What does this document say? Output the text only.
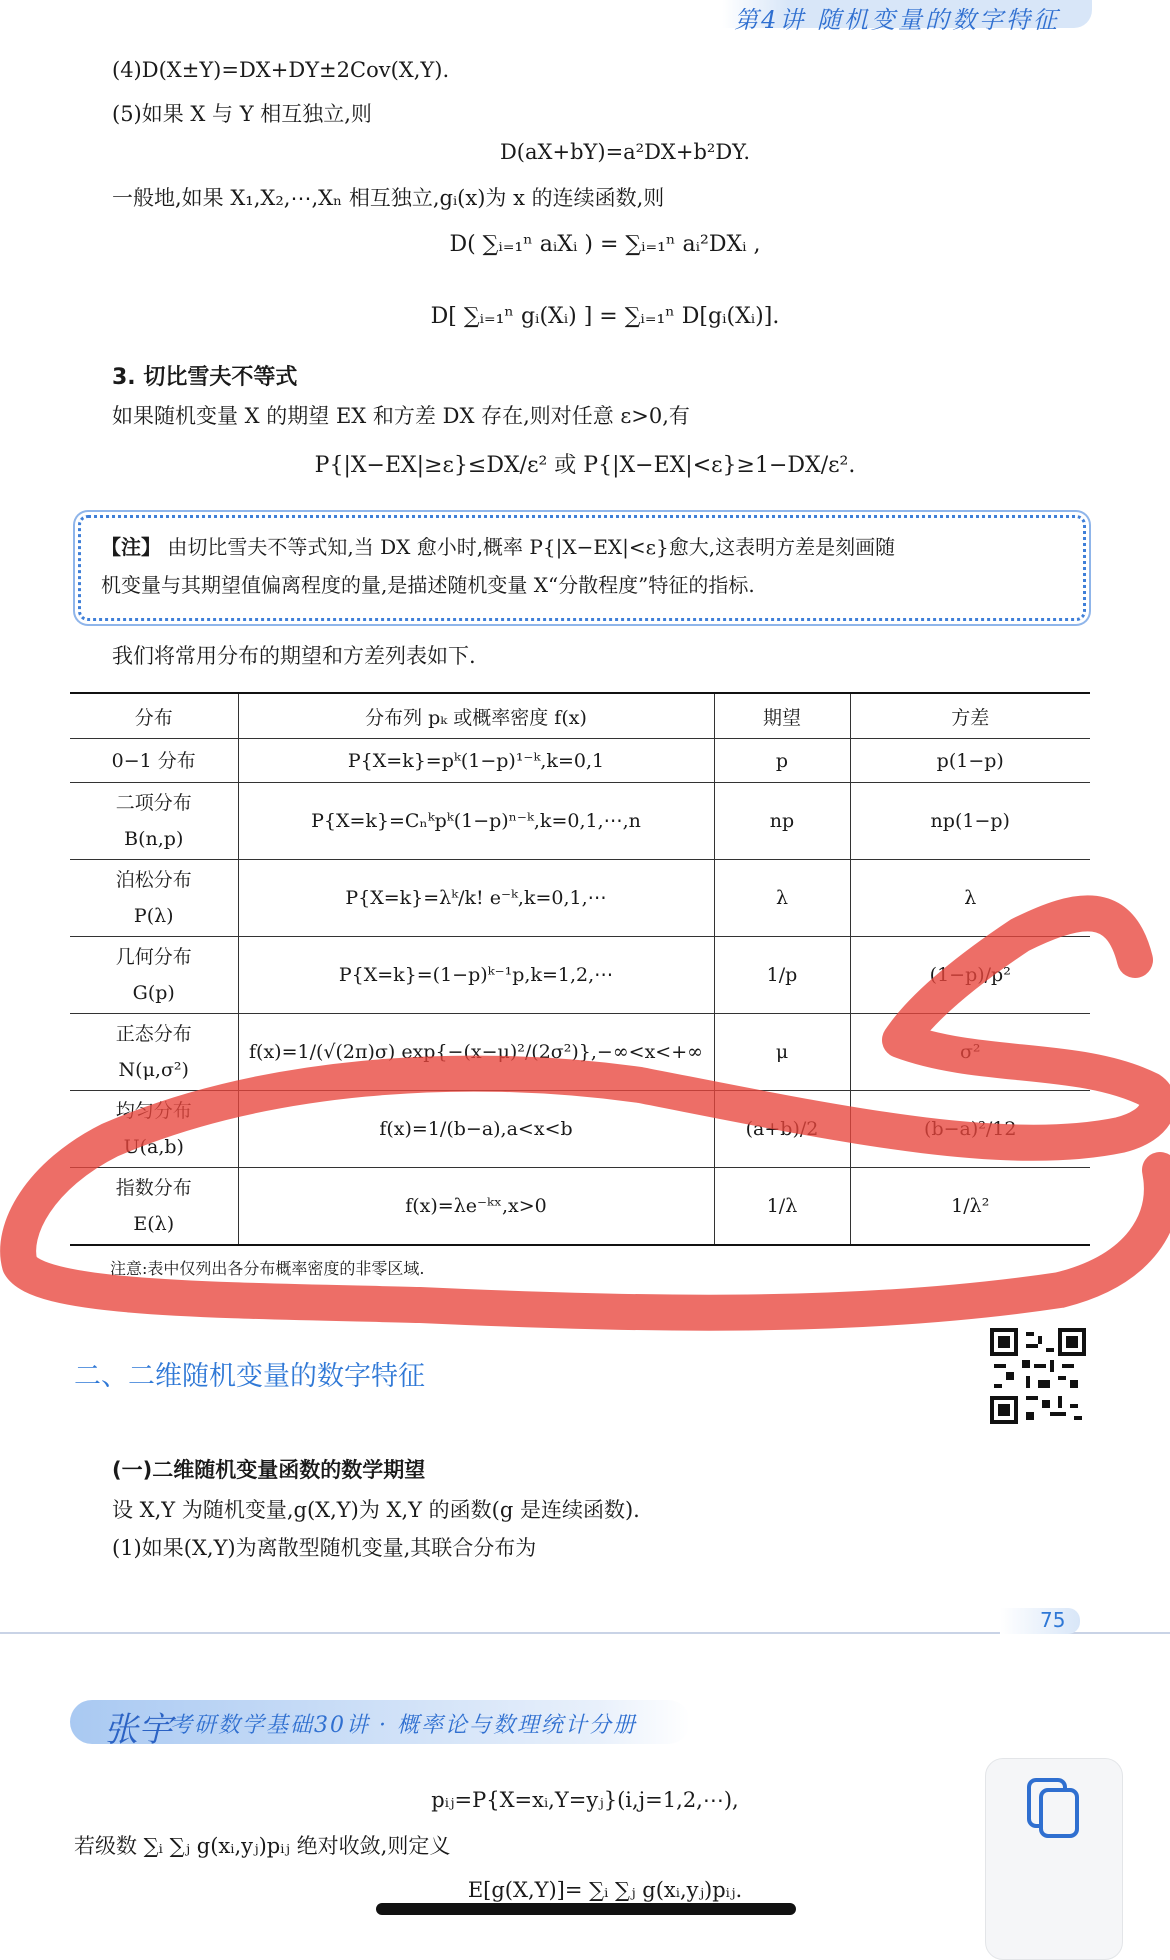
第4讲 随机变量的数字特征
(4)D(X±Y)=DX+DY±2Cov(X,Y).
(5)如果 X 与 Y 相互独立,则
D(aX+bY)=a²DX+b²DY.
一般地,如果 X₁,X₂,⋯,Xₙ 相互独立,gᵢ(x)为 x 的连续函数,则
D( ∑ᵢ₌₁ⁿ aᵢXᵢ ) = ∑ᵢ₌₁ⁿ aᵢ²DXᵢ ,
D[ ∑ᵢ₌₁ⁿ gᵢ(Xᵢ) ] = ∑ᵢ₌₁ⁿ D[gᵢ(Xᵢ)].
3. 切比雪夫不等式
如果随机变量 X 的期望 EX 和方差 DX 存在,则对任意 ε>0,有
P{|X−EX|≥ε}≤DX/ε² 或 P{|X−EX|<ε}≥1−DX/ε².
【注】 由切比雪夫不等式知,当 DX 愈小时,概率 P{|X−EX|<ε}愈大,这表明方差是刻画随
机变量与其期望值偏离程度的量,是描述随机变量 X“分散程度”特征的指标.
我们将常用分布的期望和方差列表如下.
分布	分布列 pₖ 或概率密度 f(x)	期望	方差

0−1 分布	P{X=k}=pᵏ(1−p)¹⁻ᵏ,k=0,1	p	p(1−p)

二项分布
B(n,p)	P{X=k}=Cₙᵏpᵏ(1−p)ⁿ⁻ᵏ,k=0,1,⋯,n	np	np(1−p)

泊松分布
P(λ)	P{X=k}=λᵏ/k! e⁻ᵏ,k=0,1,⋯	λ	λ

几何分布
G(p)	P{X=k}=(1−p)ᵏ⁻¹p,k=1,2,⋯	1/p	(1−p)/p²

正态分布
N(μ,σ²)	f(x)=1/(√(2π)σ) exp{−(x−μ)²/(2σ²)},−∞<x<+∞	μ	σ²

均匀分布
U(a,b)	f(x)=1/(b−a),a<x<b	(a+b)/2	(b−a)²/12

指数分布
E(λ)	f(x)=λe⁻ᵏˣ,x>0	1/λ	1/λ²
注意:表中仅列出各分布概率密度的非零区域.
二、二维随机变量的数字特征
(一)二维随机变量函数的数学期望
设 X,Y 为随机变量,g(X,Y)为 X,Y 的函数(g 是连续函数).
(1)如果(X,Y)为离散型随机变量,其联合分布为
75
张宇
考研数学基础30讲 · 概率论与数理统计分册
pᵢⱼ=P{X=xᵢ,Y=yⱼ}(i,j=1,2,⋯),
若级数 ∑ᵢ ∑ⱼ g(xᵢ,yⱼ)pᵢⱼ 绝对收敛,则定义
E[g(X,Y)]= ∑ᵢ ∑ⱼ g(xᵢ,yⱼ)pᵢⱼ.
